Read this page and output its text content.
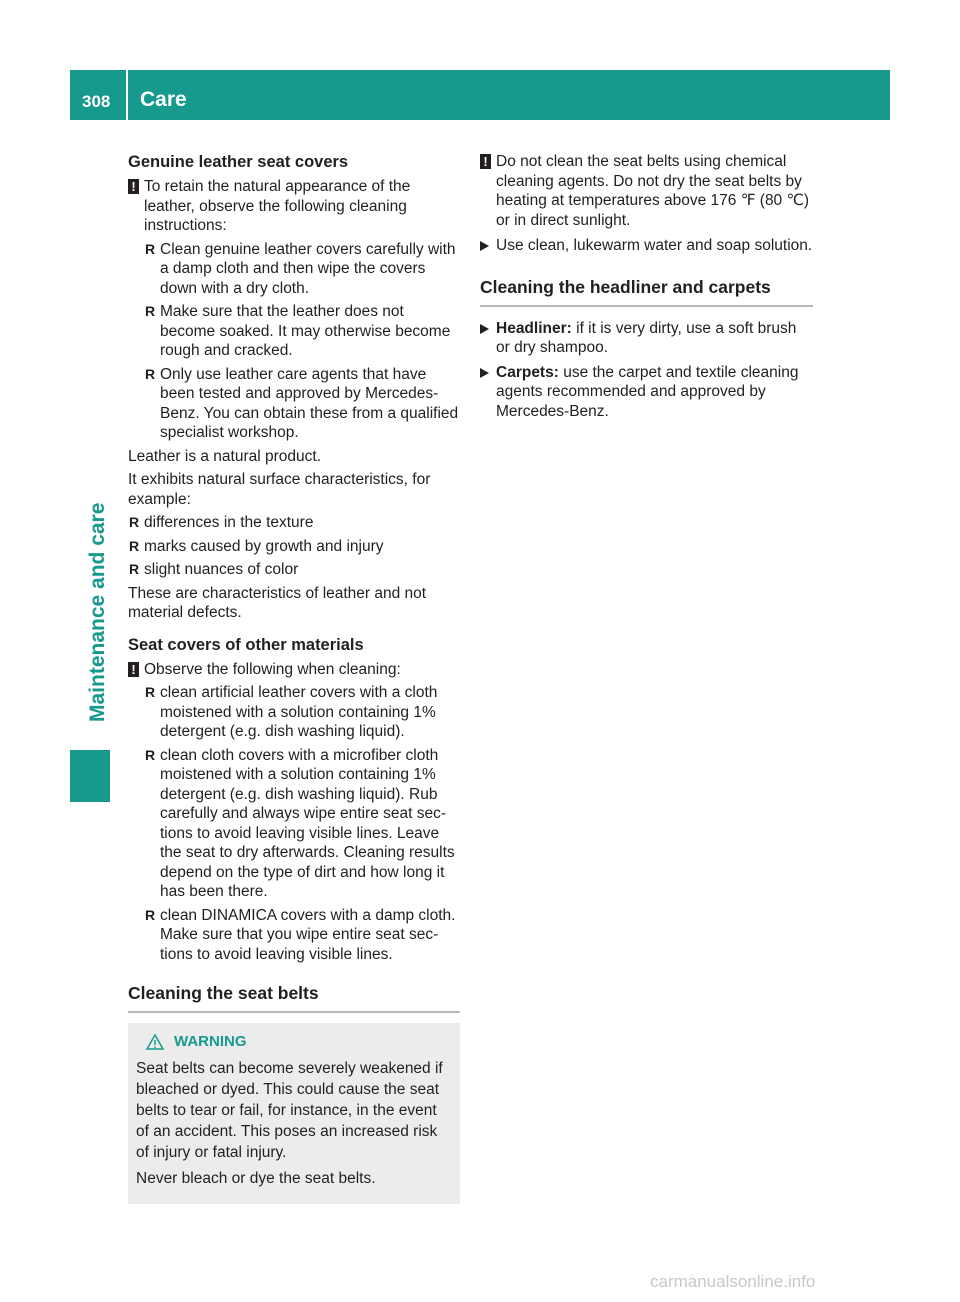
308	Care
Maintenance and care
Genuine leather seat covers
! To retain the natural appearance of the leather, observe the following cleaning instructions:
R Clean genuine leather covers carefully with a damp cloth and then wipe the covers down with a dry cloth.
R Make sure that the leather does not become soaked. It may otherwise become rough and cracked.
R Only use leather care agents that have been tested and approved by Mercedes-Benz. You can obtain these from a qualified specialist workshop.

Leather is a natural product.

It exhibits natural surface characteristics, for example:

R differences in the texture
R marks caused by growth and injury
R slight nuances of color

These are characteristics of leather and not material defects.

Seat covers of other materials
! Observe the following when cleaning:
R clean artificial leather covers with a cloth moistened with a solution containing 1% detergent (e.g. dish washing liquid).
R clean cloth covers with a microfiber cloth moistened with a solution containing 1% detergent (e.g. dish washing liquid). Rub carefully and always wipe entire seat sec-tions to avoid leaving visible lines. Leave the seat to dry afterwards. Cleaning results depend on the type of dirt and how long it has been there.
R clean DINAMICA covers with a damp cloth. Make sure that you wipe entire seat sec-tions to avoid leaving visible lines.
Cleaning the seat belts
WARNING

Seat belts can become severely weakened if bleached or dyed. This could cause the seat belts to tear or fail, for instance, in the event of an accident. This poses an increased risk of injury or fatal injury.

Never bleach or dye the seat belts.

! Do not clean the seat belts using chemical cleaning agents. Do not dry the seat belts by heating at temperatures above 176 ℉ (80 ℃) or in direct sunlight.
Use clean, lukewarm water and soap solution.
Cleaning the headliner and carpets
Headliner: if it is very dirty, use a soft brush or dry shampoo.
Carpets: use the carpet and textile cleaning agents recommended and approved by Mercedes-Benz.
carmanualsonline.info
